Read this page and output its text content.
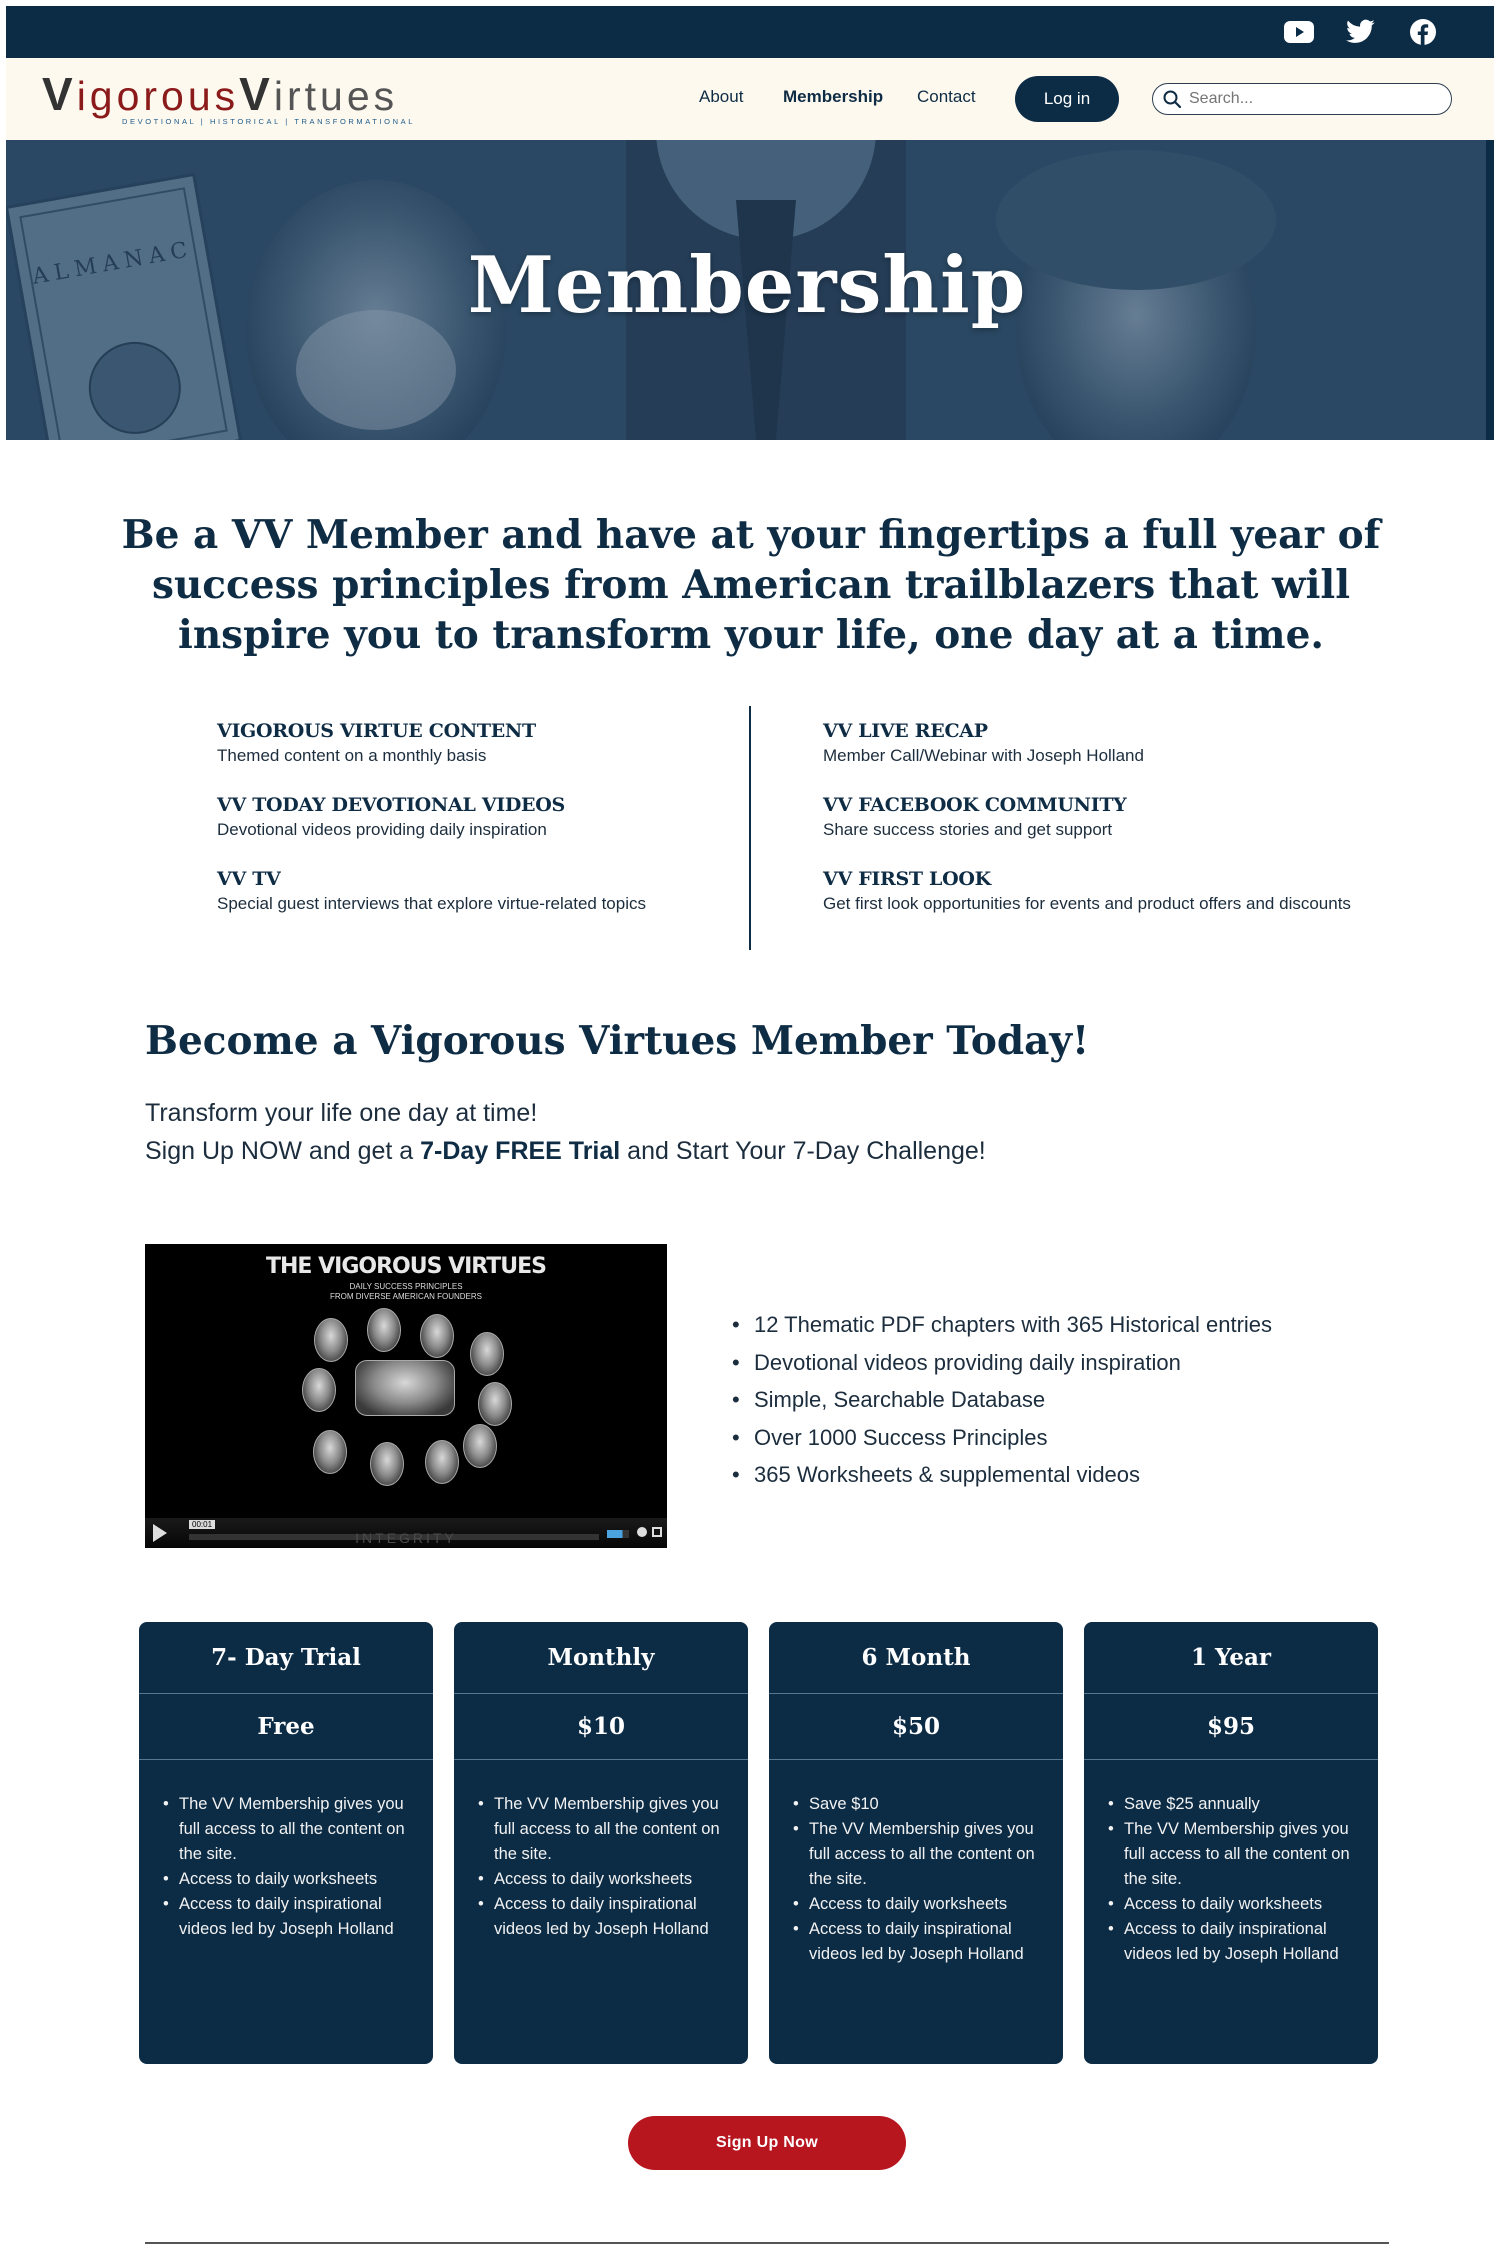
VigorousVirtues
DEVOTIONAL | HISTORICAL | TRANSFORMATIONAL
About Membership Contact	Log in
Search...
ALMANAC	Membership
Be a VV Member and have at your fingertips a full year of success principles from American trailblazers that will inspire you to transform your life, one day at a time.
VIGOROUS VIRTUE CONTENT
Themed content on a monthly basis
VV TODAY DEVOTIONAL VIDEOS
Devotional videos providing daily inspiration
VV TV
Special guest interviews that explore virtue-related topics
VV LIVE RECAP
Member Call/Webinar with Joseph Holland
VV FACEBOOK COMMUNITY
Share success stories and get support
VV FIRST LOOK
Get first look opportunities for events and product offers and discounts
Become a Vigorous Virtues Member Today!
Transform your life one day at time!
Sign Up NOW and get a 7-Day FREE Trial and Start Your 7-Day Challenge!
THE VIGOROUS VIRTUES
DAILY SUCCESS PRINCIPLES
FROM DIVERSE AMERICAN FOUNDERS
00:01
INTEGRITY
• 12 Thematic PDF chapters with 365 Historical entries
• Devotional videos providing daily inspiration
• Simple, Searchable Database
• Over 1000 Success Principles
• 365 Worksheets & supplemental videos
7- Day Trial
Free
• The VV Membership gives you full access to all the content on the site.
• Access to daily worksheets
• Access to daily inspirational videos led by Joseph Holland
Monthly
$10
• The VV Membership gives you full access to all the content on the site.
• Access to daily worksheets
• Access to daily inspirational videos led by Joseph Holland
6 Month
$50
• Save $10
• The VV Membership gives you full access to all the content on the site.
• Access to daily worksheets
• Access to daily inspirational videos led by Joseph Holland
1 Year
$95
• Save $25 annually
• The VV Membership gives you full access to all the content on the site.
• Access to daily worksheets
• Access to daily inspirational videos led by Joseph Holland
Sign Up Now
